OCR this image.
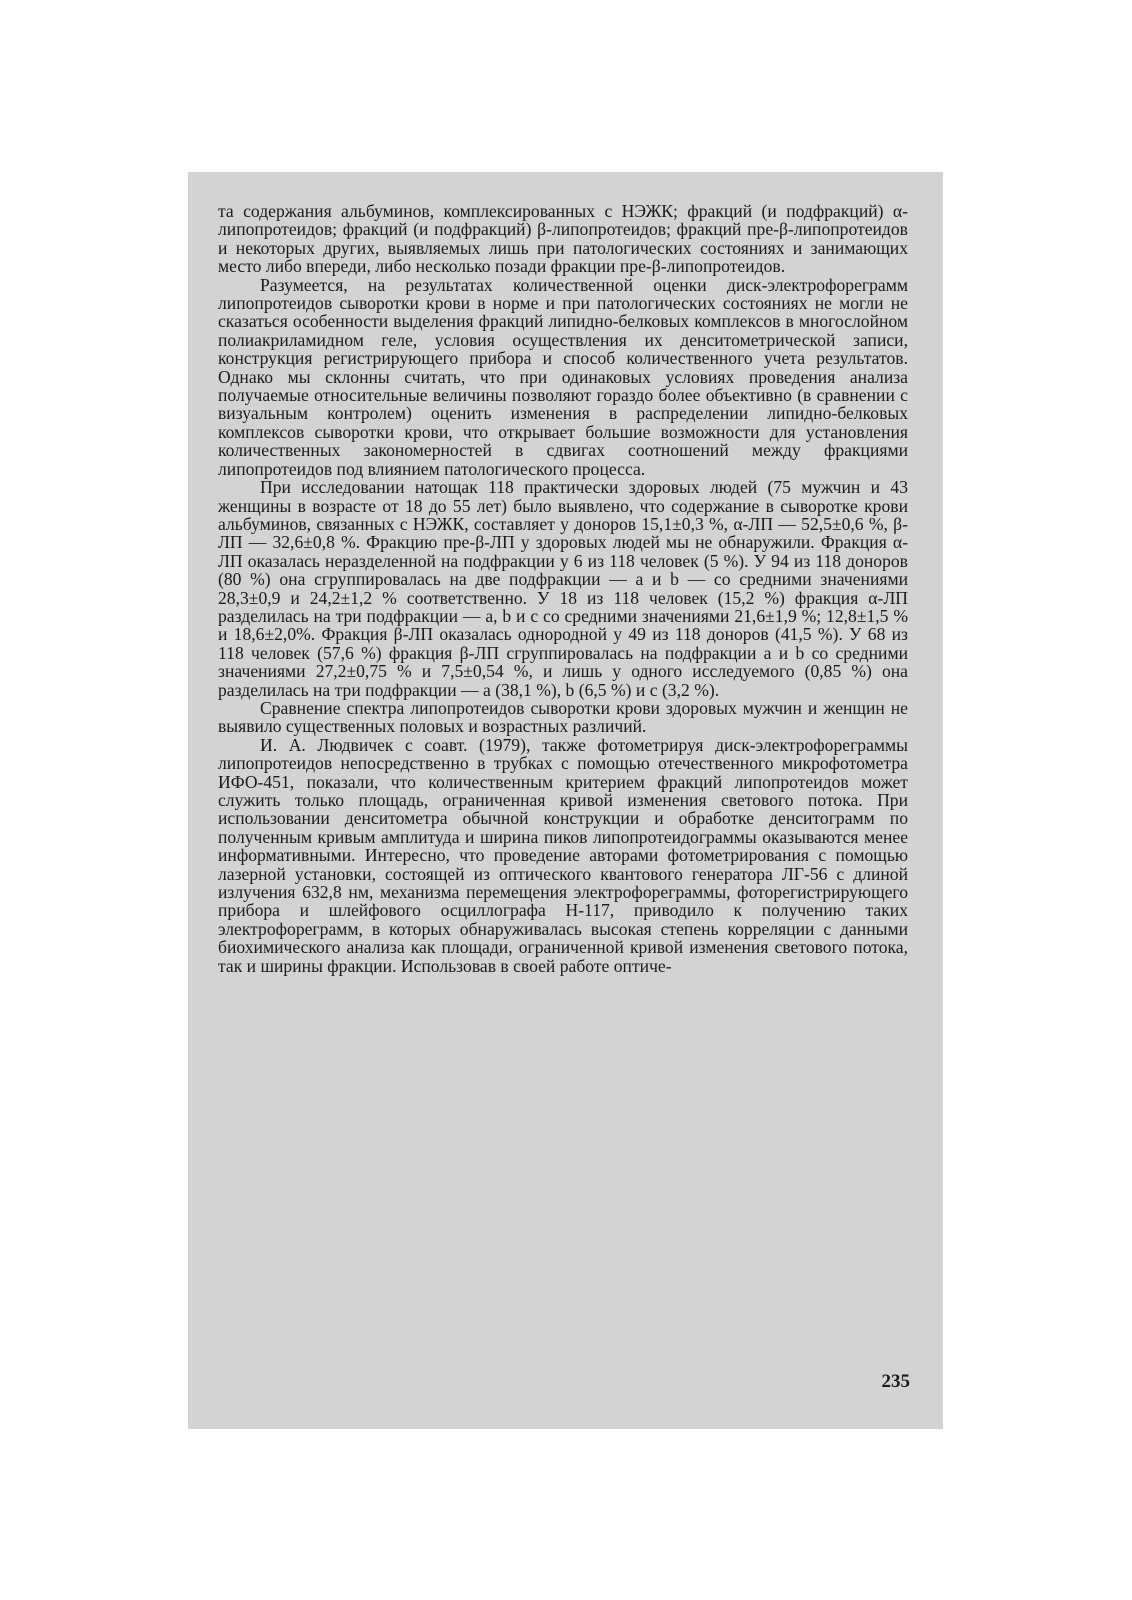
та содержания альбуминов, комплексированных с НЭЖК; фракций (и подфракций) α-липопротеидов; фракций (и подфракций) β-липопротеидов; фракций пре-β-липопротеидов и некоторых других, выявляемых лишь при патологических состояниях и занимающих место либо впереди, либо несколько позади фракции пре-β-липопротеидов.

Разумеется, на результатах количественной оценки диск-электрофореграмм липопротеидов сыворотки крови в норме и при патологических состояниях не могли не сказаться особенности выделения фракций липидно-белковых комплексов в многослойном полиакриламидном геле, условия осуществления их денситометрической записи, конструкция регистрирующего прибора и способ количественного учета результатов. Однако мы склонны считать, что при одинаковых условиях проведения анализа получаемые относительные величины позволяют гораздо более объективно (в сравнении с визуальным контролем) оценить изменения в распределении липидно-белковых комплексов сыворотки крови, что открывает большие возможности для установления количественных закономерностей в сдвигах соотношений между фракциями липопротеидов под влиянием патологического процесса.

При исследовании натощак 118 практически здоровых людей (75 мужчин и 43 женщины в возрасте от 18 до 55 лет) было выявлено, что содержание в сыворотке крови альбуминов, связанных с НЭЖК, составляет у доноров 15,1±0,3 %, α-ЛП — 52,5±0,6 %, β-ЛП — 32,6±0,8 %. Фракцию пре-β-ЛП у здоровых людей мы не обнаружили. Фракция α-ЛП оказалась неразделенной на подфракции у 6 из 118 человек (5 %). У 94 из 118 доноров (80 %) она сгруппировалась на две подфракции — a и b — со средними значениями 28,3±0,9 и 24,2±1,2 % соответственно. У 18 из 118 человек (15,2 %) фракция α-ЛП разделилась на три подфракции — a, b и c со средними значениями 21,6±1,9 %; 12,8±1,5 % и 18,6±2,0%. Фракция β-ЛП оказалась однородной у 49 из 118 доноров (41,5 %). У 68 из 118 человек (57,6 %) фракция β-ЛП сгруппировалась на подфракции a и b со средними значениями 27,2±0,75 % и 7,5±0,54 %, и лишь у одного исследуемого (0,85 %) она разделилась на три подфракции — a (38,1 %), b (6,5 %) и c (3,2 %).

Сравнение спектра липопротеидов сыворотки крови здоровых мужчин и женщин не выявило существенных половых и возрастных различий.

И. А. Людвичек с соавт. (1979), также фотометрируя диск-электрофореграммы липопротеидов непосредственно в трубках с помощью отечественного микрофотометра ИФО-451, показали, что количественным критерием фракций липопротеидов может служить только площадь, ограниченная кривой изменения светового потока. При использовании денситометра обычной конструкции и обработке денситограмм по полученным кривым амплитуда и ширина пиков липопротеидограммы оказываются менее информативными. Интересно, что проведение авторами фотометрирования с помощью лазерной установки, состоящей из оптического квантового генератора ЛГ-56 с длиной излучения 632,8 нм, механизма перемещения электрофореграммы, фоторегистрирующего прибора и шлейфового осциллографа Н-117, приводило к получению таких электрофореграмм, в которых обнаруживалась высокая степень корреляции с данными биохимического анализа как площади, ограниченной кривой изменения светового потока, так и ширины фракции. Использовав в своей работе оптиче-

235
